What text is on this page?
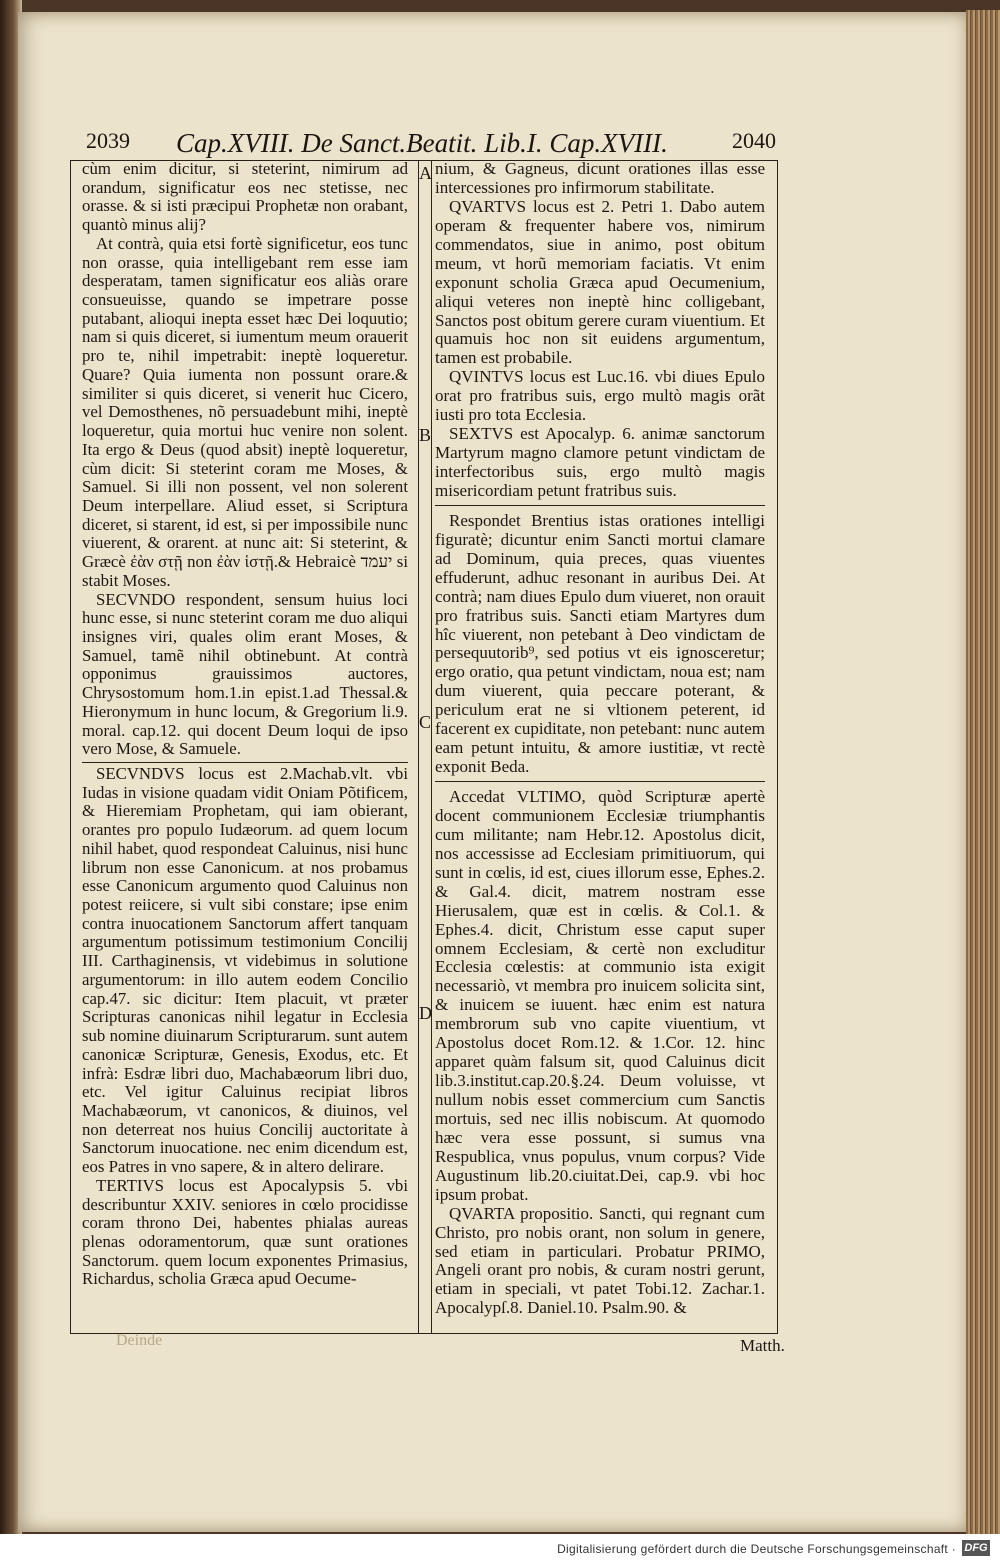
2039 Cap.XVIII. De Sanct.Beatit. Lib.I. Cap.XVIII.	2040

cùm enim dicitur, si steterint, nimirum ad orandum, significatur eos nec stetisse, nec orasse. & si isti præcipui Prophetæ non orabant, quantò minus alij?

At contrà, quia etsi fortè significetur, eos tunc non orasse, quia intelligebant rem esse iam desperatam, tamen significatur eos aliàs orare consueuisse, quando se impetrare posse putabant, alioqui inepta esset hæc Dei loquutio; nam si quis diceret, si iumentum meum orauerit pro te, nihil impetrabit: ineptè loqueretur. Quare? Quia iumenta non possunt orare.& similiter si quis diceret, si venerit huc Cicero, vel Demosthenes, nõ persuadebunt mihi, ineptè loqueretur, quia mortui huc venire non solent. Ita ergo & Deus (quod absit) ineptè loqueretur, cùm dicit: Si steterint coram me Moses, & Samuel. Si illi non possent, vel non solerent Deum interpellare. Aliud esset, si Scriptura diceret, si starent, id est, si per impossibile nunc viuerent, & orarent. at nunc ait: Si steterint, & Græcè ἐὰν στῇ non ἐὰν ἱστῇ.& Hebraicè יעמד si stabit Moses.

SECVNDO respondent, sensum huius loci hunc esse, si nunc steterint coram me duo aliqui insignes viri, quales olim erant Moses, & Samuel, tamẽ nihil obtinebunt. At contrà opponimus grauissimos auctores, Chrysostomum hom.1.in epist.1.ad Thessal.& Hieronymum in hunc locum, & Gregorium li.9. moral. cap.12. qui docent Deum loqui de ipso vero Mose, & Samuele.

SECVNDVS locus est 2.Machab.vlt. vbi Iudas in visione quadam vidit Oniam Põtificem, & Hieremiam Prophetam, qui iam obierant, orantes pro populo Iudæorum. ad quem locum nihil habet, quod respondeat Caluinus, nisi hunc librum non esse Canonicum. at nos probamus esse Canonicum argumento quod Caluinus non potest reiicere, si vult sibi constare; ipse enim contra inuocationem Sanctorum affert tanquam argumentum potissimum testimonium Concilij III. Carthaginensis, vt videbimus in solutione argumentorum: in illo autem eodem Concilio cap.47. sic dicitur: Item placuit, vt præter Scripturas canonicas nihil legatur in Ecclesia sub nomine diuinarum Scripturarum. sunt autem canonicæ Scripturæ, Genesis, Exodus, etc. Et infrà: Esdræ libri duo, Machabæorum libri duo, etc. Vel igitur Caluinus recipiat libros Machabæorum, vt canonicos, & diuinos, vel non deterreat nos huius Concilij auctoritate à Sanctorum inuocatione. nec enim dicendum est, eos Patres in vno sapere, & in altero delirare.

TERTIVS locus est Apocalypsis 5. vbi describuntur XXIV. seniores in cœlo procidisse coram throno Dei, habentes phialas aureas plenas odoramentorum, quæ sunt orationes Sanctorum. quem locum exponentes Primasius, Richardus, scholia Græca apud Oecume-

nium, & Gagneus, dicunt orationes illas esse intercessiones pro infirmorum stabilitate.

QVARTVS locus est 2. Petri 1. Dabo autem operam & frequenter habere vos, nimirum commendatos, siue in animo, post obitum meum, vt horũ memoriam faciatis. Vt enim exponunt scholia Græca apud Oecumenium, aliqui veteres non ineptè hinc colligebant, Sanctos post obitum gerere curam viuentium. Et quamuis hoc non sit euidens argumentum, tamen est probabile.

QVINTVS locus est Luc.16. vbi diues Epulo orat pro fratribus suis, ergo multò magis orãt iusti pro tota Ecclesia.

SEXTVS est Apocalyp. 6. animæ sanctorum Martyrum magno clamore petunt vindictam de interfectoribus suis, ergo multò magis misericordiam petunt fratribus suis.

Respondet Brentius istas orationes intelligi figuratè; dicuntur enim Sancti mortui clamare ad Dominum, quia preces, quas viuentes effuderunt, adhuc resonant in auribus Dei. At contrà; nam diues Epulo dum viueret, non orauit pro fratribus suis. Sancti etiam Martyres dum hîc viuerent, non petebant à Deo vindictam de persequutorib⁹, sed potius vt eis ignosceretur; ergo oratio, qua petunt vindictam, noua est; nam dum viuerent, quia peccare poterant, & periculum erat ne si vltionem peterent, id facerent ex cupiditate, non petebant: nunc autem eam petunt intuitu, & amore iustitiæ, vt rectè exponit Beda.

Accedat VLTIMO, quòd Scripturæ apertè docent communionem Ecclesiæ triumphantis cum militante; nam Hebr.12. Apostolus dicit, nos accessisse ad Ecclesiam primitiuorum, qui sunt in cœlis, id est, ciues illorum esse, Ephes.2. & Gal.4. dicit, matrem nostram esse Hierusalem, quæ est in cœlis. & Col.1. & Ephes.4. dicit, Christum esse caput super omnem Ecclesiam, & certè non excluditur Ecclesia cœlestis: at communio ista exigit necessariò, vt membra pro inuicem solicita sint, & inuicem se iuuent. hæc enim est natura membrorum sub vno capite viuentium, vt Apostolus docet Rom.12. & 1.Cor. 12. hinc apparet quàm falsum sit, quod Caluinus dicit lib.3.institut.cap.20.§.24. Deum voluisse, vt nullum nobis esset commercium cum Sanctis mortuis, sed nec illis nobiscum. At quomodo hæc vera esse possunt, si sumus vna Respublica, vnus populus, vnum corpus? Vide Augustinum lib.20.ciuitat.Dei, cap.9. vbi hoc ipsum probat.

QVARTA propositio. Sancti, qui regnant cum Christo, pro nobis orant, non solum in genere, sed etiam in particulari. Probatur PRIMO, Angeli orant pro nobis, & curam nostri gerunt, etiam in speciali, vt patet Tobi.12. Zachar.1. Apocalypſ.8. Daniel.10. Psalm.90. &

A
B
C
D
Deinde	Matth.
Digitalisierung gefördert durch die Deutsche Forschungsgemeinschaft · DFG
